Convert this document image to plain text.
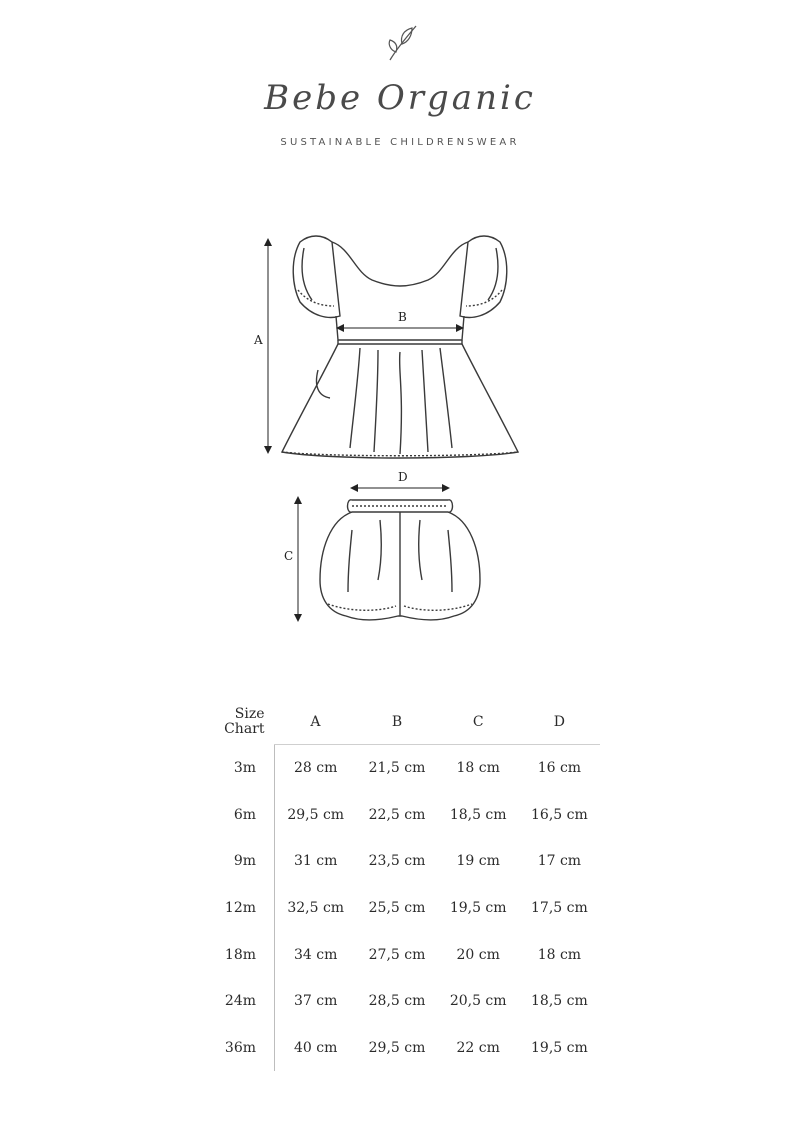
Bebe Organic
SUSTAINABLE CHILDRENSWEAR
A
B
D
C
Size
Chart	A	B	C	D
3m	28 cm	21,5 cm	18 cm	16 cm
6m	29,5 cm	22,5 cm	18,5 cm	16,5 cm
9m	31 cm	23,5 cm	19 cm	17 cm
12m	32,5 cm	25,5 cm	19,5 cm	17,5 cm
18m	34 cm	27,5 cm	20 cm	18 cm
24m	37 cm	28,5 cm	20,5 cm	18,5 cm
36m	40 cm	29,5 cm	22 cm	19,5 cm
